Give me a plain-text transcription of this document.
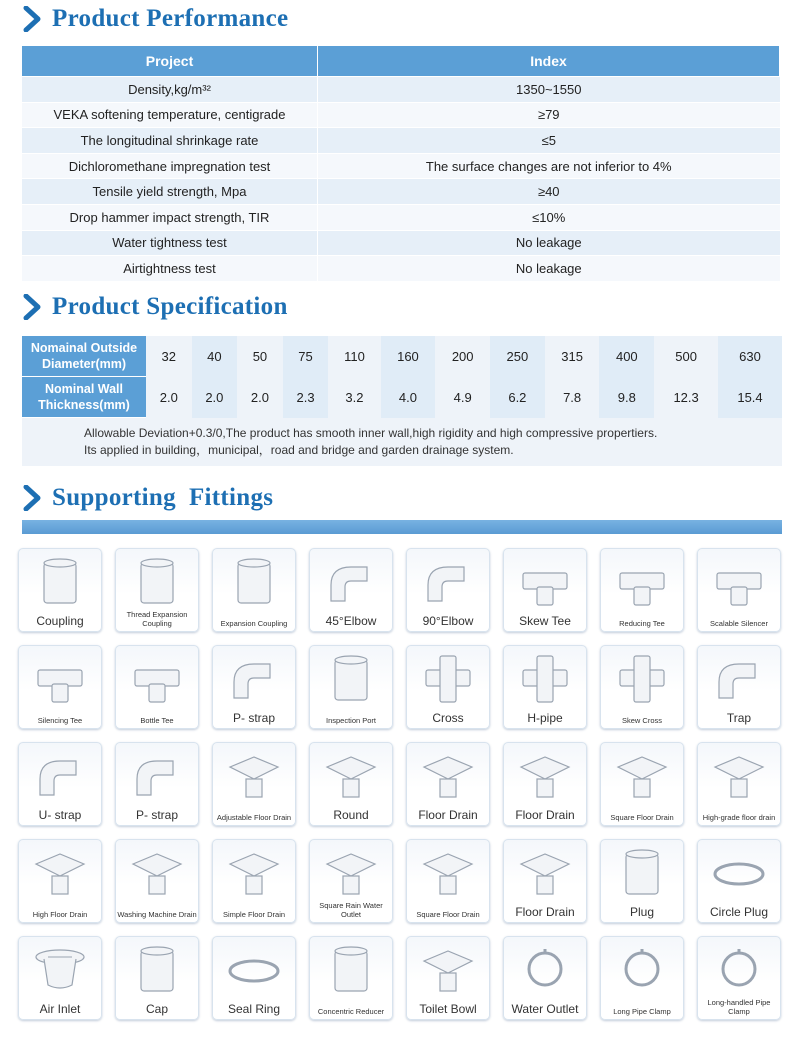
Product Performance
Project	Index
Density,kg/m³²	1350~1550
VEKA softening temperature, centigrade	≥79
The longitudinal shrinkage rate	≤5
Dichloromethane impregnation test	The surface changes are not inferior to 4%
Tensile yield strength, Mpa	≥40
Drop hammer impact strength, TIR	≤10%
Water tightness test	No leakage
Airtightness test	No leakage
Product Specification
Nomainal Outside Diameter(mm)	32	40	50	75	110	160	200	250	315	400	500	630
Nominal Wall Thickness(mm)	2.0	2.0	2.0	2.3	3.2	4.0	4.9	6.2	7.8	9.8	12.3	15.4
Allowable Deviation+0.3/0,The product has smooth inner wall,high rigidity and high compressive propertiers.
Its applied in building，municipal，road and bridge and garden drainage system.
Supporting  Fittings
Coupling	Thread Expansion Coupling	Expansion Coupling	45°Elbow	90°Elbow	Skew Tee	Reducing Tee	Scalable Silencer
Silencing Tee	Bottle Tee	P- strap	Inspection Port	Cross	H-pipe	Skew Cross	Trap
U- strap	P- strap	Adjustable Floor Drain	Round	Floor Drain	Floor Drain	Square Floor Drain	High-grade floor drain
High Floor Drain	Washing Machine Drain	Simple Floor Drain
Square Rain Water Outlet	Square Floor Drain	Floor Drain	Plug	Circle Plug
Air Inlet	Cap	Seal Ring	Concentric Reducer	Toilet Bowl	Water Outlet	Long Pipe Clamp
Long-handled Pipe Clamp
